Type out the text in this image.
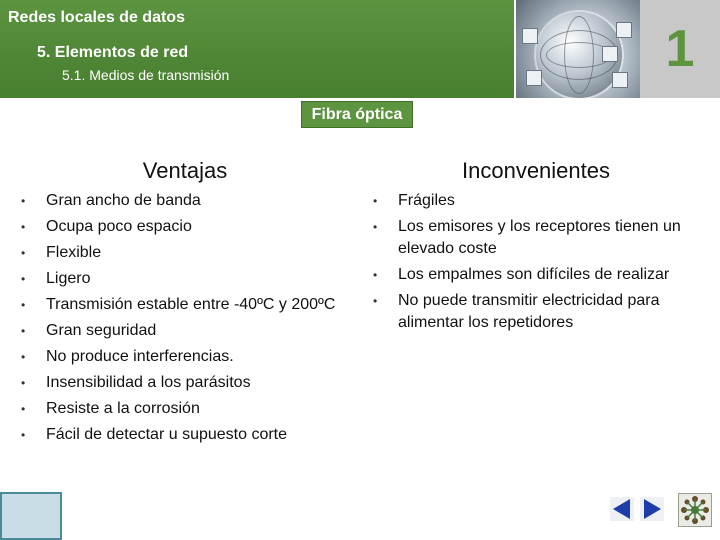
Redes locales de datos
5. Elementos de red
5.1. Medios de transmisión	1
Fibra óptica
Ventajas	Inconvenientes
• Gran ancho de banda
• Ocupa poco espacio
• Flexible
• Ligero
• Transmisión estable entre -40ºC y 200ºC
• Gran seguridad
• No produce interferencias.
• Insensibilidad a los parásitos
• Resiste a la corrosión
• Fácil de detectar u supuesto corte
• Frágiles
• Los emisores y los receptores tienen un elevado coste
• Los empalmes son difíciles de realizar
• No puede transmitir electricidad para alimentar los repetidores
